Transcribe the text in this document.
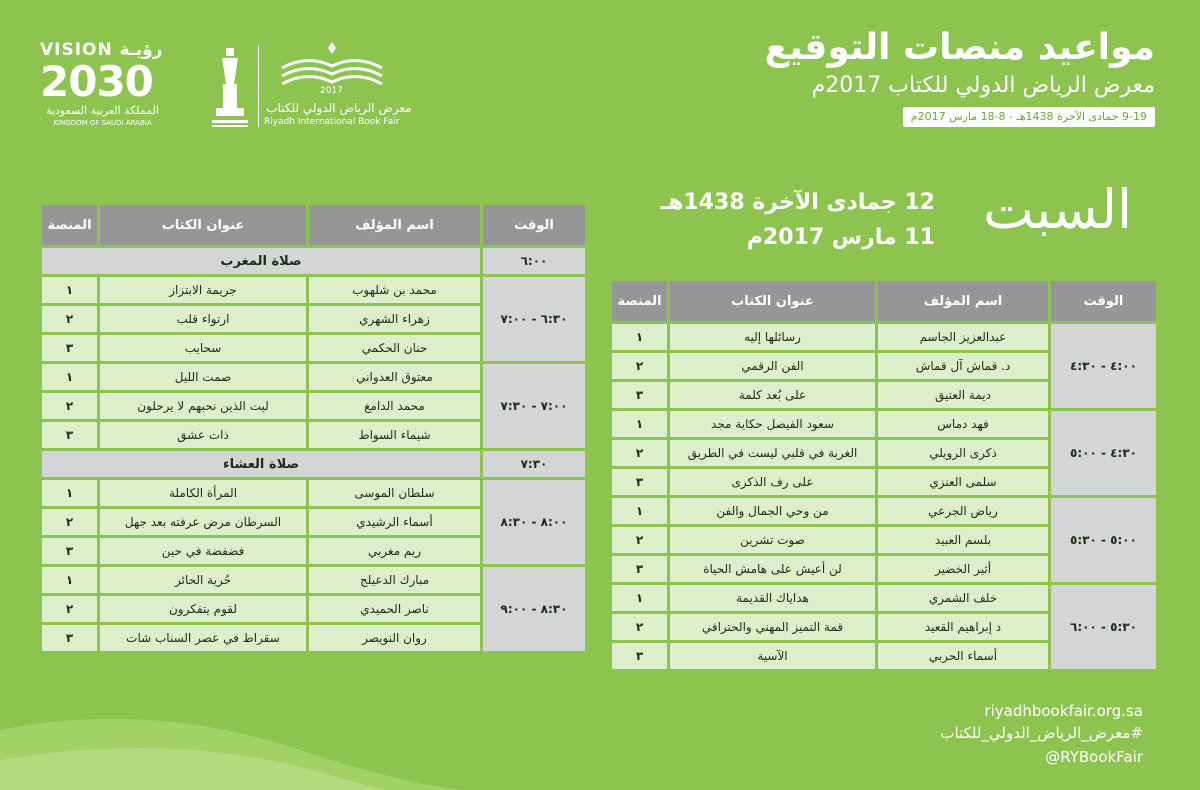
مواعيد منصات التوقيع
معرض الرياض الدولي للكتاب 2017م
9-19 جمادى الآخرة 1438هـ - 8-18 مارس 2017م
VISION رؤيـة
2030
المملكة العربية السعودية
KINGDOM OF SAUDI ARABIA
2017
معرض الرياض الدولي للكتاب
Riyadh International Book Fair
السبت
12 جمادى الآخرة 1438هـ
11 مارس 2017م
الوقت	اسم المؤلف	عنوان الكتاب	المنصة
٤:٠٠ - ٤:٣٠	عبدالعزيز الجاسم	رسائلها إليه	١
	د. قماش آل قماش	الفن الرقمي	٢
	ديمة العتيق	على بُعد كلمة	٣
٤:٣٠ - ٥:٠٠	فهد دماس	سعود الفيصل حكاية مجد	١
	ذكرى الرويلي	الغربة في قلبي ليست في الطريق	٢
	سلمى العنزي	على رف الذكرى	٣
٥:٠٠ - ٥:٣٠	رياض الجرعي	من وحي الجمال والفن	١
	بلسم العبيد	صوت تشرين	٢
	أثير الخضير	لن أعيش على هامش الحياة	٣
٥:٣٠ - ٦:٠٠	خلف الشمري	هداياك القديمة	١
	د إبراهيم القعيد	قمة التميز المهني والحترافي	٢
	أسماء الحربي	الآسية	٣
الوقت	اسم المؤلف	عنوان الكتاب	المنصة
٦:٠٠	صلاة المغرب		
٦:٣٠ - ٧:٠٠	محمد بن شلهوب	جريمة الابتزاز	١
	زهراء الشهري	ارتواء قلب	٢
	حنان الحكمي	سحايب	٣
٧:٠٠ - ٧:٣٠	معتوق العدواني	صمت الليل	١
	محمد الدامغ	ليت الذين نحبهم لا يرحلون	٢
	شيماء السواط	ذات عشق	٣
٧:٣٠	صلاة العشاء		
٨:٠٠ - ٨:٣٠	سلطان الموسى	المرأة الكاملة	١
	أسماء الرشيدي	السرطان مرض عرفته بعد جهل	٢
	ريم مغربي	فضفضة في حين	٣
٨:٣٠ - ٩:٠٠	مبارك الدعيلج	حُرية الحائر	١
	ناصر الحميدي	لقوم يتفكرون	٢
	روان النويصر	سقراط في عصر السناب شات	٣
riyadhbookfair.org.sa
#معرض_الرياض_الدولي_للكتاب
@RYBookFair
